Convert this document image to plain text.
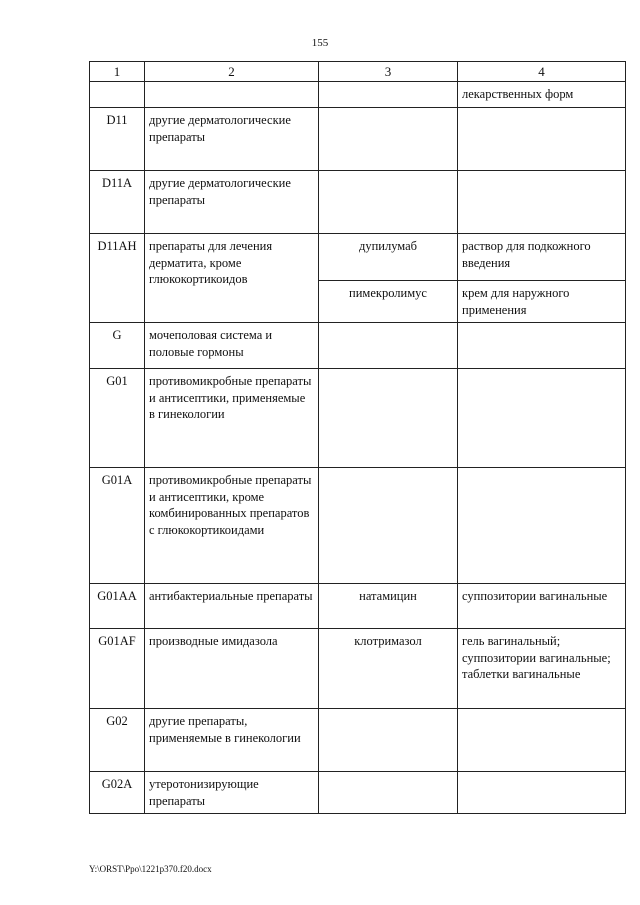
155
1	2	3	4
			лекарственных форм
D11	другие дерматологические препараты		
D11A	другие дерматологические препараты		
D11AH	препараты для лечения дерматита, кроме глюкокортикоидов	дупилумаб	раствор для подкожного введения
		пимекролимус	крем для наружного применения
G	мочеполовая система и половые гормоны		
G01	противомикробные препараты и антисептики, применяемые в гинекологии		
G01A	противомикробные препараты и антисептики, кроме комбинированных препаратов с глюкокортикоидами		
G01AA	антибактериальные препараты	натамицин	суппозитории вагинальные
G01AF	производные имидазола	клотримазол	гель вагинальный; суппозитории вагинальные; таблетки вагинальные
G02	другие препараты, применяемые в гинекологии		
G02A	утеротонизирующие препараты		
Y:\ORST\Ppo\1221p370.f20.docx
